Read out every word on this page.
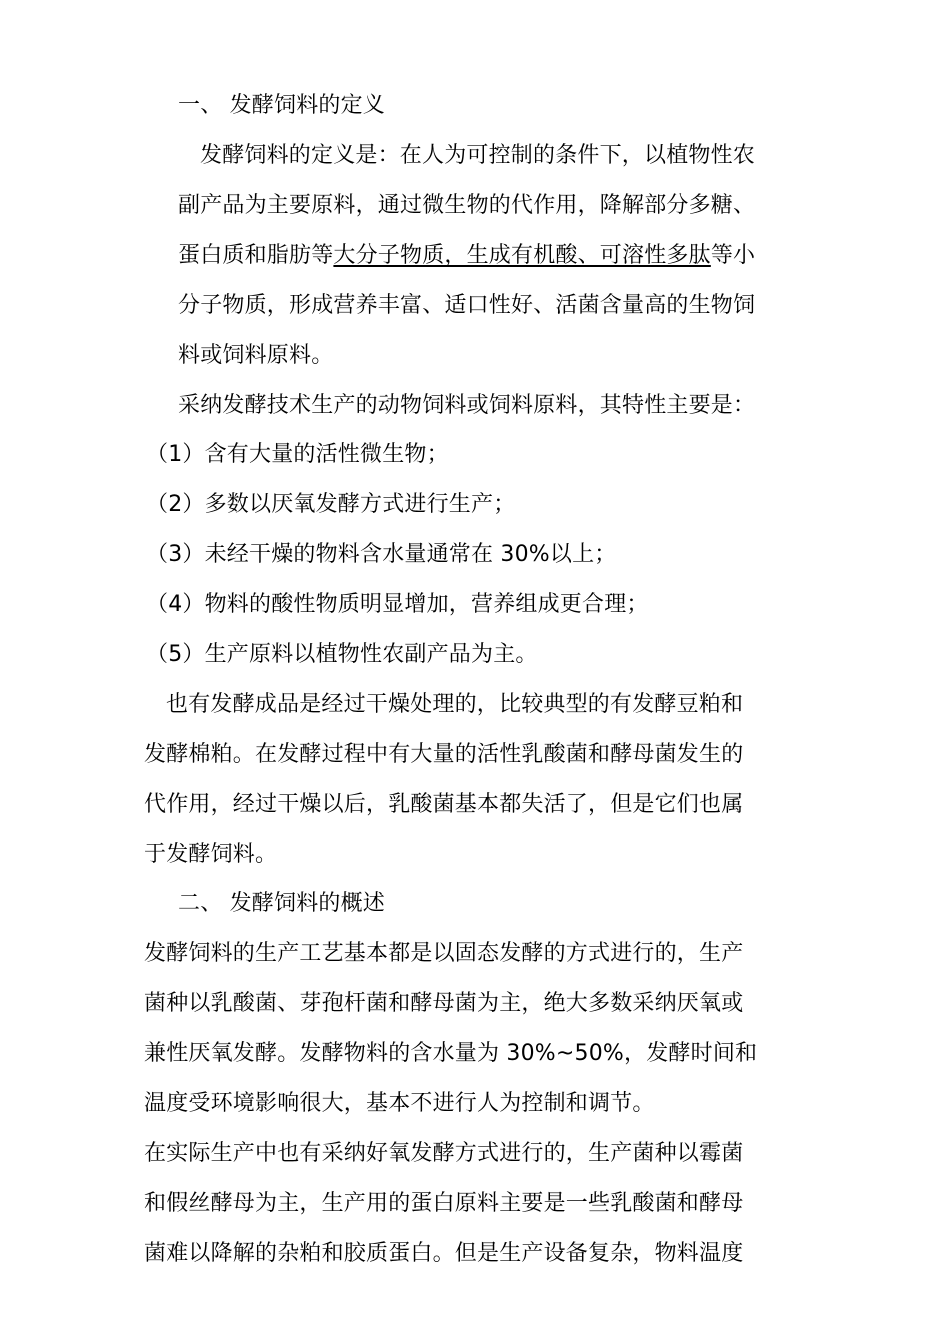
一、 发酵饲料的定义
发酵饲料的定义是：在人为可控制的条件下，以植物性农
副产品为主要原料，通过微生物的代作用，降解部分多糖、
蛋白质和脂肪等大分子物质，生成有机酸、可溶性多肽等小
分子物质，形成营养丰富、适口性好、活菌含量高的生物饲
料或饲料原料。
采纳发酵技术生产的动物饲料或饲料原料，其特性主要是：
（1）含有大量的活性微生物；
（2）多数以厌氧发酵方式进行生产；
（3）未经干燥的物料含水量通常在 30%以上；
（4）物料的酸性物质明显增加，营养组成更合理；
（5）生产原料以植物性农副产品为主。
也有发酵成品是经过干燥处理的，比较典型的有发酵豆粕和
发酵棉粕。在发酵过程中有大量的活性乳酸菌和酵母菌发生的
代作用，经过干燥以后，乳酸菌基本都失活了，但是它们也属
于发酵饲料。
二、 发酵饲料的概述
发酵饲料的生产工艺基本都是以固态发酵的方式进行的，生产
菌种以乳酸菌、芽孢杆菌和酵母菌为主，绝大多数采纳厌氧或
兼性厌氧发酵。发酵物料的含水量为 30%~50%，发酵时间和
温度受环境影响很大，基本不进行人为控制和调节。
在实际生产中也有采纳好氧发酵方式进行的，生产菌种以霉菌
和假丝酵母为主，生产用的蛋白原料主要是一些乳酸菌和酵母
菌难以降解的杂粕和胶质蛋白。但是生产设备复杂，物料温度
